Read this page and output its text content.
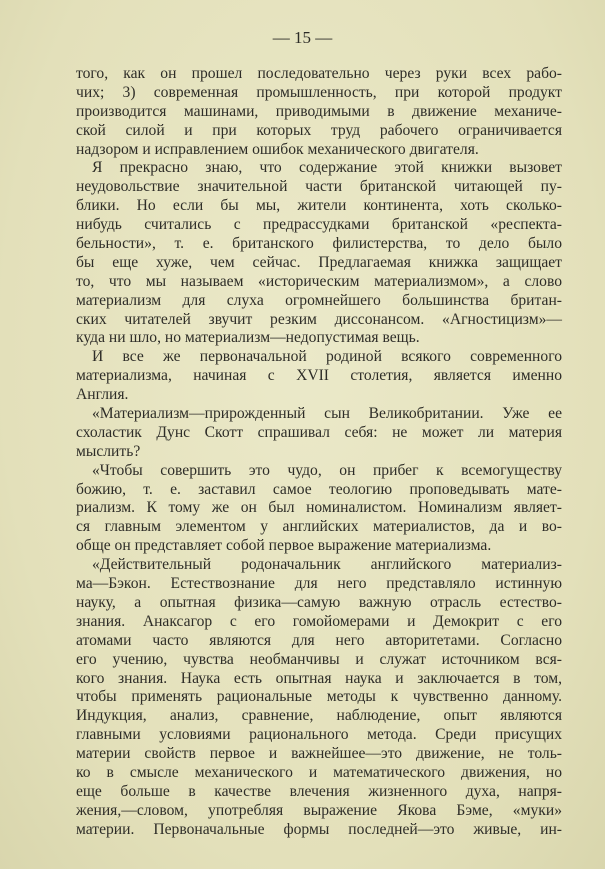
— 15 —
того, как он прошел последовательно через руки всех рабо-
чих; 3) современная промышленность, при которой продукт
производится машинами, приводимыми в движение механиче-
ской силой и при которых труд рабочего ограничивается
надзором и исправлением ошибок механического двигателя.
Я прекрасно знаю, что содержание этой книжки вызовет
неудовольствие значительной части британской читающей пу-
блики. Но если бы мы, жители континента, хоть сколько-
нибудь считались с предрассудками британской «респекта-
бельности», т. е. британского филистерства, то дело было
бы еще хуже, чем сейчас. Предлагаемая книжка защищает
то, что мы называем «историческим материализмом», а слово
материализм для слуха огромнейшего большинства британ-
ских читателей звучит резким диссонансом. «Агностицизм»—
куда ни шло, но материализм—недопустимая вещь.
И все же первоначальной родиной всякого современного
материализма, начиная с XVII столетия, является именно
Англия.
«Материализм—прирожденный сын Великобритании. Уже ее
схоластик Дунс Скотт спрашивал себя: не может ли материя
мыслить?
«Чтобы совершить это чудо, он прибег к всемогуществу
божию, т. е. заставил самое теологию проповедывать мате-
риализм. К тому же он был номиналистом. Номинализм являет-
ся главным элементом у английских материалистов, да и во-
обще он представляет собой первое выражение материализма.
«Действительный родоначальник английского материализ-
ма—Бэкон. Естествознание для него представляло истинную
науку, а опытная физика—самую важную отрасль естество-
знания. Анаксагор с его гомойомерами и Демокрит с его
атомами часто являются для него авторитетами. Согласно
его учению, чувства необманчивы и служат источником вся-
кого знания. Наука есть опытная наука и заключается в том,
чтобы применять рациональные методы к чувственно данному.
Индукция, анализ, сравнение, наблюдение, опыт являются
главными условиями рационального метода. Среди присущих
материи свойств первое и важнейшее—это движение, не толь-
ко в смысле механического и математического движения, но
еще больше в качестве влечения жизненного духа, напря-
жения,—словом, употребляя выражение Якова Бэме, «муки»
материи. Первоначальные формы последней—это живые, ин-
